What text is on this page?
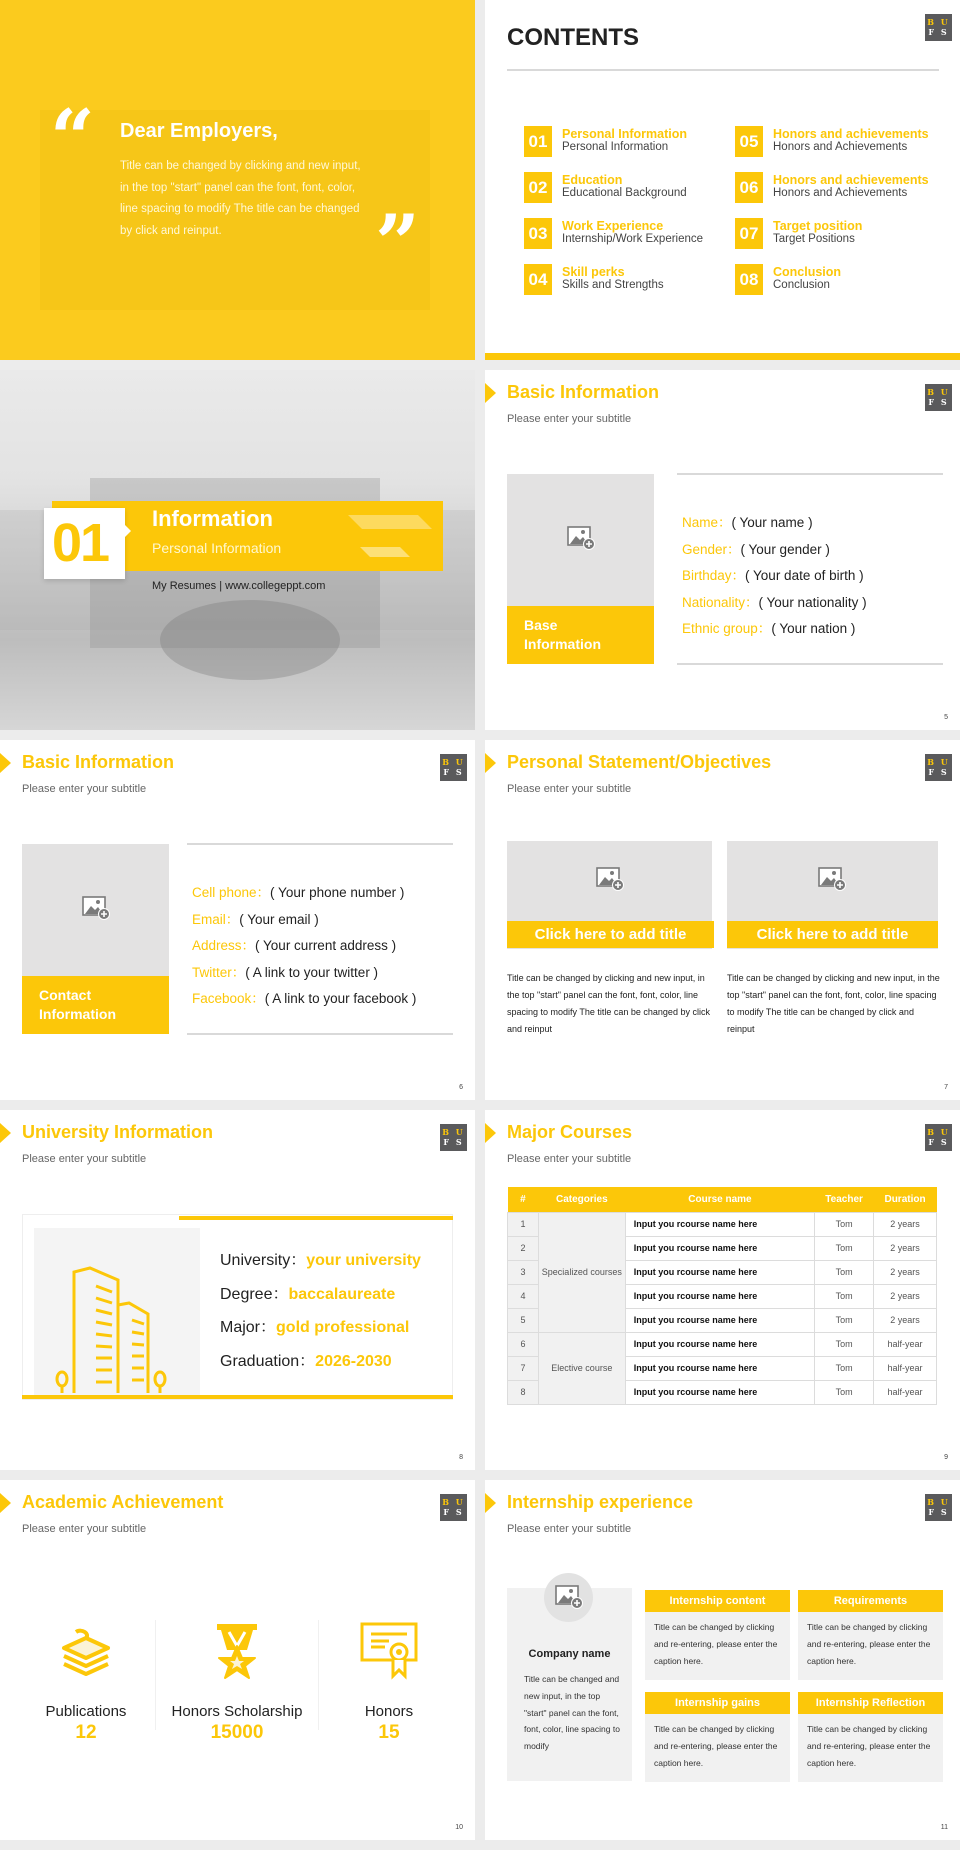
“ Dear Employers,
Title can be changed by clicking and new input, in the top "start" panel can the font, font, color, line spacing to modify The title can be changed by click and reinput.	”
CONTENTS
B U
F S
01	Personal Information
Personal Information
02	Education
Educational Background
03	Work Experience
Internship/Work Experience
04	Skill perks
Skills and Strengths
05	Honors and achievements
Honors and Achievements
06	Honors and achievements
Honors and Achievements
07	Target position
Target Positions
08	Conclusion
Conclusion
01 Information
Personal Information
My Resumes | www.collegeppt.com
Basic Information
Please enter your subtitle
B U
F S
Base Information
Name：( Your name )
Gender：( Your gender )
Birthday：( Your date of birth )
Nationality：( Your nationality )
Ethnic group：( Your nation )
5
Basic Information
Please enter your subtitle
B U
F S
Contact Information
Cell phone：( Your phone number )
Email：( Your email )
Address：( Your current address )
Twitter：( A link to your twitter )
Facebook：( A link to your facebook )
6
Personal Statement/Objectives
Please enter your subtitle
B U
F S
Click here to add title
Title can be changed by clicking and new input, in the top "start" panel can the font, font, color, line spacing to modify The title can be changed by click and reinput
Click here to add title
Title can be changed by clicking and new input, in the top "start" panel can the font, font, color, line spacing to modify The title can be changed by click and reinput
7
University Information
Please enter your subtitle
B U
F S
University：your university
Degree：baccalaureate
Major：gold professional
Graduation：2026-2030
8
Major Courses
Please enter your subtitle
B U
F S
#	Categories	Course name	Teacher	Duration
1	Specialized courses	Input you rcourse name here	Tom	2 years
2		Input you rcourse name here	Tom	2 years
3		Input you rcourse name here	Tom	2 years
4		Input you rcourse name here	Tom	2 years
5		Input you rcourse name here	Tom	2 years
6	Elective course	Input you rcourse name here	Tom	half-year
7		Input you rcourse name here	Tom	half-year
8		Input you rcourse name here	Tom	half-year
9
Academic Achievement
Please enter your subtitle
B U
F S
Publications
12
Honors Scholarship
15000
Honors
15
10
Internship experience
Please enter your subtitle
B U
F S
Company name
Title can be changed and new input, in the top "start" panel can the font, font, color, line spacing to modify
Internship content
Title can be changed by clicking and re-entering, please enter the caption here.
Requirements
Title can be changed by clicking and re-entering, please enter the caption here.
Internship gains
Title can be changed by clicking and re-entering, please enter the caption here.
Internship Reflection
Title can be changed by clicking and re-entering, please enter the caption here.
11
